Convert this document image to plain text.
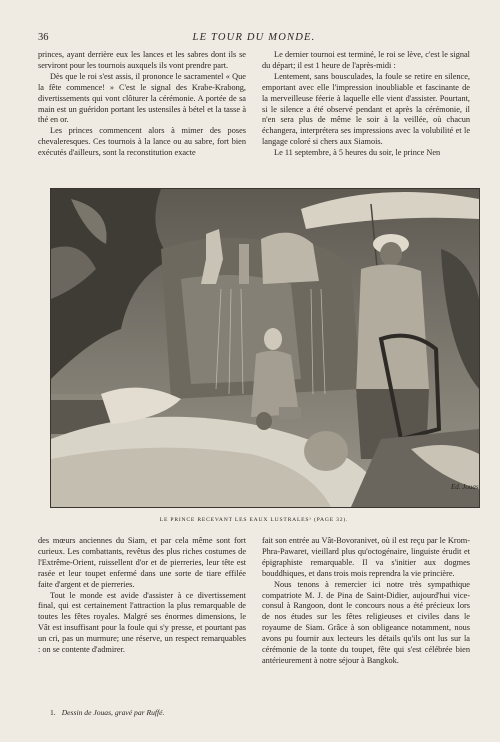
36	LE TOUR DU MONDE.

princes, ayant derrière eux les lances et les sabres dont ils se serviront pour les tournois auxquels ils vont prendre part.

Dès que le roi s'est assis, il prononce le sacramentel « Que la fête commence! » C'est le signal des Krabe-Krabong, divertissements qui vont clôturer la cérémonie. A portée de sa main est un guéridon portant les ustensiles à bétel et la tasse à thé en or.

Les princes commencent alors à mimer des poses chevaleresques. Ces tournois à la lance ou au sabre, fort bien exécutés d'ailleurs, sont la reconstitution exacte

Le dernier tournoi est terminé, le roi se lève, c'est le signal du départ; il est 1 heure de l'après-midi :

Lentement, sans bousculades, la foule se retire en silence, emportant avec elle l'impression inoubliable et fascinante de la merveilleuse féerie à laquelle elle vient d'assister. Pourtant, si le silence a été observé pendant et après la cérémonie, il n'en sera plus de même le soir à la veillée, où chacun échangera, interprétera ses impressions avec la volubilité et le langage coloré si chers aux Siamois.

Le 11 septembre, à 5 heures du soir, le prince Nen

Ed. Jouas
LE PRINCE RECEVANT LES EAUX LUSTRALES¹ (PAGE 32).

des mœurs anciennes du Siam, et par cela même sont fort curieux. Les combattants, revêtus des plus riches costumes de l'Extrême-Orient, ruissellent d'or et de pierreries, leur tête est rasée et leur toupet enfermé dans une sorte de tiare effilée faite d'argent et de pierreries.

Tout le monde est avide d'assister à ce divertissement final, qui est certainement l'attraction la plus remarquable de toutes les fêtes royales. Malgré ses énormes dimensions, le Vât est insuffisant pour la foule qui s'y presse, et pourtant pas un cri, pas un murmure; une réserve, un respect remarquables : on se contente d'admirer.

fait son entrée au Vât-Bovoranivet, où il est reçu par le Krom-Phra-Pawaret, vieillard plus qu'octogénaire, linguiste érudit et épigraphiste remarquable. Il va s'initier aux dogmes bouddhiques, et dans trois mois reprendra la vie princière.

Nous tenons à remercier ici notre très sympathique compatriote M. J. de Pina de Saint-Didier, aujourd'hui vice-consul à Rangoon, dont le concours nous a été précieux lors de nos études sur les fêtes religieuses et civiles dans le royaume de Siam. Grâce à son obligeance notamment, nous avons pu fournir aux lecteurs les détails qu'ils ont lus sur la cérémonie de la tonte du toupet, fête qui s'est célébrée bien antérieurement à notre séjour à Bangkok.

1. Dessin de Jouas, gravé par Ruffé.
